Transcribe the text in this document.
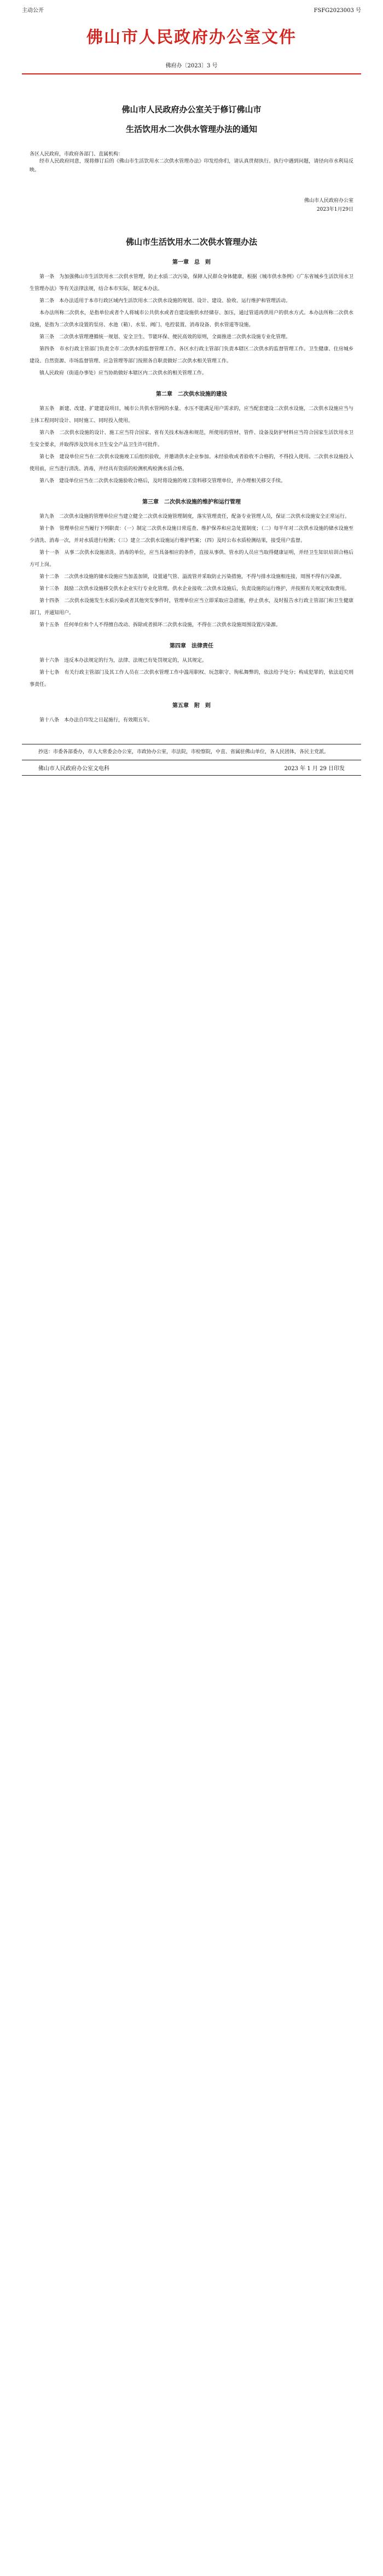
主动公开	FSFG2023003 号
佛山市人民政府办公室文件
佛府办〔2023〕3 号
佛山市人民政府办公室关于修订佛山市
生活饮用水二次供水管理办法的通知
各区人民政府，市政府各部门、直属机构：

经市人民政府同意，现将修订后的《佛山市生活饮用水二次供水管理办法》印发给你们，请认真贯彻执行。执行中遇到问题，请径向市水利局反映。

佛山市人民政府办公室
2023年1月29日
佛山市生活饮用水二次供水管理办法
第一章　总　则

第一条　为加强佛山市生活饮用水二次供水管理，防止水质二次污染，保障人民群众身体健康，根据《城市供水条例》《广东省城乡生活饮用水卫生管理办法》等有关法律法规，结合本市实际，制定本办法。

第二条　本办法适用于本市行政区域内生活饮用水二次供水设施的规划、设计、建设、验收、运行维护和管理活动。

本办法所称二次供水，是指单位或者个人将城市公共供水或者自建设施供水经储存、加压，通过管道再供用户的供水方式。本办法所称二次供水设施，是指为二次供水设置的泵房、水池（箱）、水泵、阀门、电控装置、消毒设备、供水管道等设施。

第三条　二次供水管理遵循统一规划、安全卫生、节能环保、便民高效的原则，全面推进二次供水设施专业化管理。

第四条　市水行政主管部门负责全市二次供水的监督管理工作。各区水行政主管部门负责本辖区二次供水的监督管理工作。卫生健康、住房城乡建设、自然资源、市场监督管理、应急管理等部门按照各自职责做好二次供水相关管理工作。

镇人民政府（街道办事处）应当协助做好本辖区内二次供水的相关管理工作。

第二章　二次供水设施的建设

第五条　新建、改建、扩建建设项目，城市公共供水管网的水量、水压不能满足用户需求的，应当配套建设二次供水设施，二次供水设施应当与主体工程同时设计、同时施工、同时投入使用。

第六条　二次供水设施的设计、施工应当符合国家、省有关技术标准和规范，所使用的管材、管件、设备及防护材料应当符合国家生活饮用水卫生安全要求，并取得涉及饮用水卫生安全产品卫生许可批件。

第七条　建设单位应当在二次供水设施竣工后组织验收，并邀请供水企业参加。未经验收或者验收不合格的，不得投入使用。二次供水设施投入使用前，应当进行清洗、消毒，并经具有资质的检测机构检测水质合格。

第八条　建设单位应当在二次供水设施验收合格后，及时将设施的竣工资料移交管理单位，并办理相关移交手续。

第三章　二次供水设施的维护和运行管理

第九条　二次供水设施的管理单位应当建立健全二次供水设施管理制度，落实管理责任，配备专业管理人员，保证二次供水设施安全正常运行。

第十条　管理单位应当履行下列职责：（一）制定二次供水设施日常巡查、维护保养和应急处置制度；（二）每半年对二次供水设施的储水设施至少清洗、消毒一次，并对水质进行检测；（三）建立二次供水设施运行维护档案；（四）及时公布水质检测结果，接受用户监督。

第十一条　从事二次供水设施清洗、消毒的单位，应当具备相应的条件，直接从事供、管水的人员应当取得健康证明，并经卫生知识培训合格后方可上岗。

第十二条　二次供水设施的储水设施应当加盖加锁，设置通气管、溢流管并采取防止污染措施，不得与排水设施相连接，周围不得有污染源。

第十三条　鼓励二次供水设施移交供水企业实行专业化管理。供水企业接收二次供水设施后，负责设施的运行维护，并按照有关规定收取费用。

第十四条　二次供水设施发生水质污染或者其他突发事件时，管理单位应当立即采取应急措施，停止供水，及时报告水行政主管部门和卫生健康部门，并通知用户。

第十五条　任何单位和个人不得擅自改动、拆除或者损坏二次供水设施，不得在二次供水设施周围设置污染源。

第四章　法律责任

第十六条　违反本办法规定的行为，法律、法规已有处罚规定的，从其规定。

第十七条　有关行政主管部门及其工作人员在二次供水管理工作中滥用职权、玩忽职守、徇私舞弊的，依法给予处分；构成犯罪的，依法追究刑事责任。

第五章　附　则

第十八条　本办法自印发之日起施行，有效期五年。

抄送：市委各部委办，市人大常委会办公室，市政协办公室，市法院，市检察院，中直、省属驻佛山单位，各人民团体，各民主党派。
佛山市人民政府办公室文电科	2023 年 1 月 29 日印发
